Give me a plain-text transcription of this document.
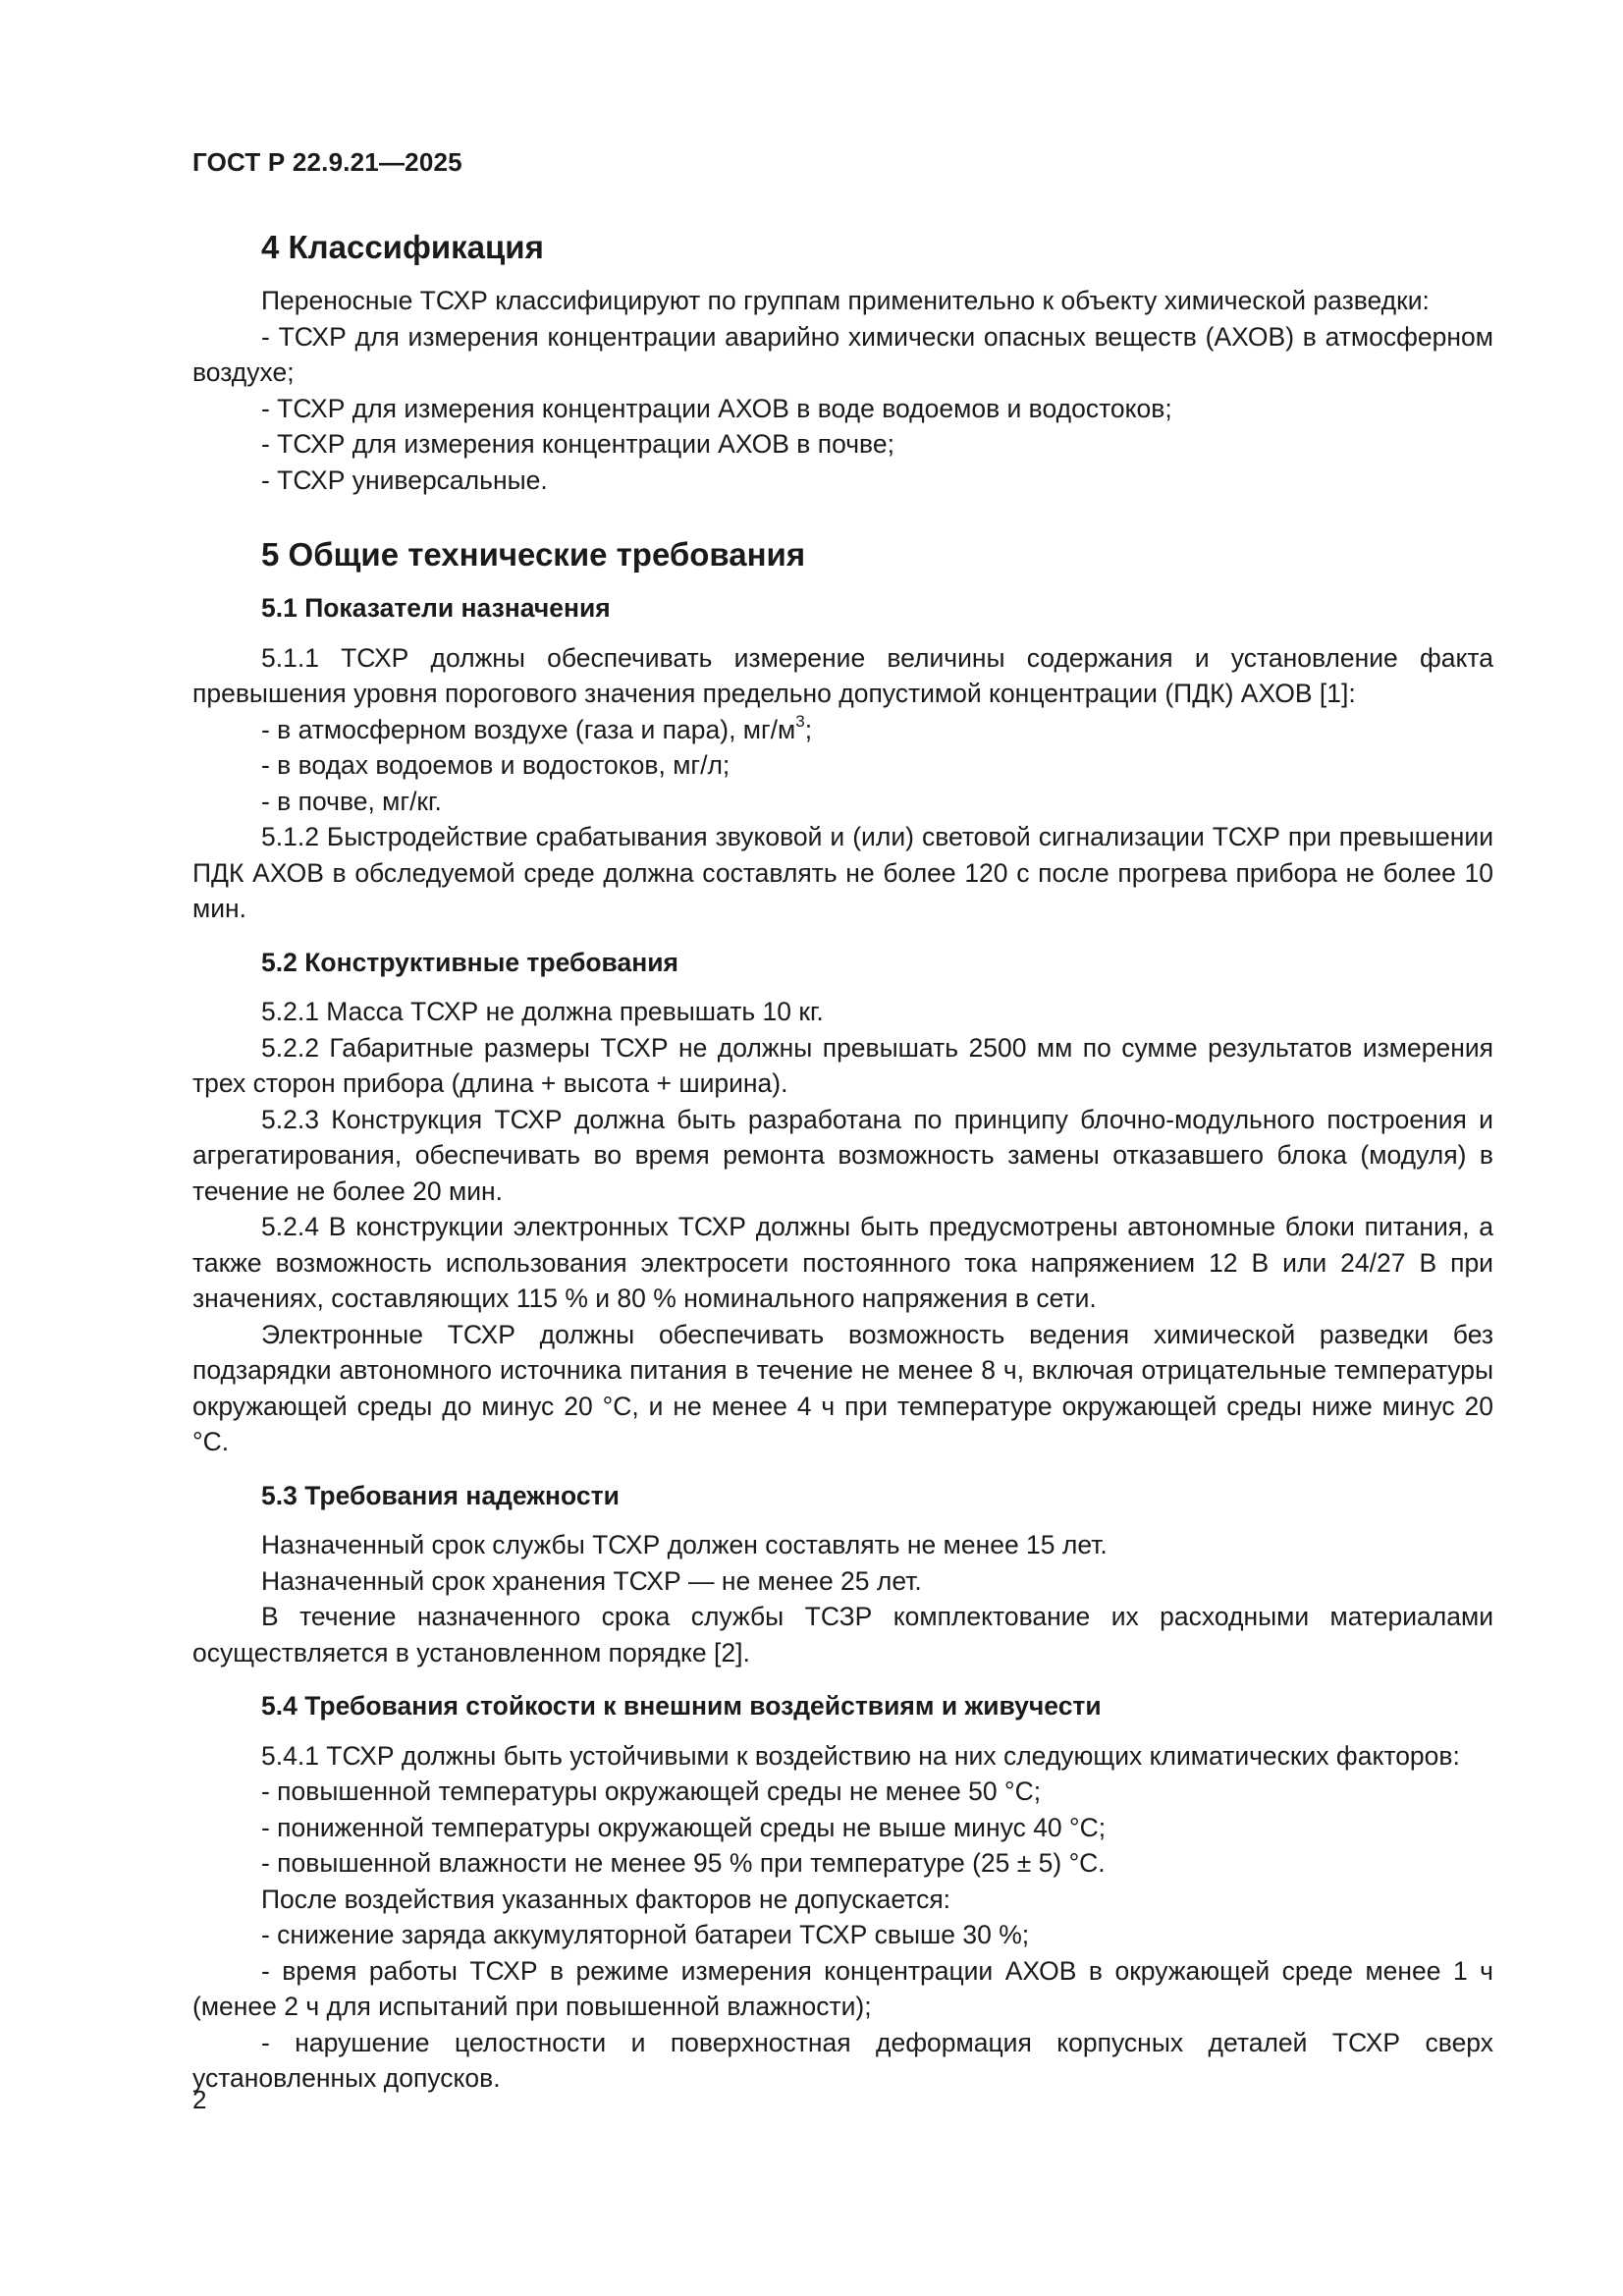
ГОСТ Р 22.9.21—2025
4 Классификация

Переносные ТСХР классифицируют по группам применительно к объекту химической разведки:

- ТСХР для измерения концентрации аварийно химически опасных веществ (АХОВ) в атмосферном воздухе;

- ТСХР для измерения концентрации АХОВ в воде водоемов и водостоков;

- ТСХР для измерения концентрации АХОВ в почве;

- ТСХР универсальные.

5 Общие технические требования
5.1 Показатели назначения

5.1.1 ТСХР должны обеспечивать измерение величины содержания и установление факта превышения уровня порогового значения предельно допустимой концентрации (ПДК) АХОВ [1]:

- в атмосферном воздухе (газа и пара), $мг/м^3$;

- в водах водоемов и водостоков, мг/л;

- в почве, мг/кг.

5.1.2 Быстродействие срабатывания звуковой и (или) световой сигнализации ТСХР при превышении ПДК АХОВ в обследуемой среде должна составлять не более 120 с после прогрева прибора не более 10 мин.

5.2 Конструктивные требования

5.2.1 Масса ТСХР не должна превышать 10 кг.

5.2.2 Габаритные размеры ТСХР не должны превышать 2500 мм по сумме результатов измерения трех сторон прибора (длина + высота + ширина).

5.2.3 Конструкция ТСХР должна быть разработана по принципу блочно-модульного построения и агрегатирования, обеспечивать во время ремонта возможность замены отказавшего блока (модуля) в течение не более 20 мин.

5.2.4 В конструкции электронных ТСХР должны быть предусмотрены автономные блоки питания, а также возможность использования электросети постоянного тока напряжением 12 В или 24/27 В при значениях, составляющих 115 % и 80 % номинального напряжения в сети.

Электронные ТСХР должны обеспечивать возможность ведения химической разведки без подзарядки автономного источника питания в течение не менее 8 ч, включая отрицательные температуры окружающей среды до минус 20 °С, и не менее 4 ч при температуре окружающей среды ниже минус 20 °С.

5.3 Требования надежности

Назначенный срок службы ТСХР должен составлять не менее 15 лет.

Назначенный срок хранения ТСХР — не менее 25 лет.

В течение назначенного срока службы ТСЗР комплектование их расходными материалами осуществляется в установленном порядке [2].

5.4 Требования стойкости к внешним воздействиям и живучести

5.4.1 ТСХР должны быть устойчивыми к воздействию на них следующих климатических факторов:

- повышенной температуры окружающей среды не менее 50 °С;

- пониженной температуры окружающей среды не выше минус 40 °С;

- повышенной влажности не менее 95 % при температуре (25 ± 5) °С.

После воздействия указанных факторов не допускается:

- снижение заряда аккумуляторной батареи ТСХР свыше 30 %;

- время работы ТСХР в режиме измерения концентрации АХОВ в окружающей среде менее 1 ч (менее 2 ч для испытаний при повышенной влажности);

- нарушение целостности и поверхностная деформация корпусных деталей ТСХР сверх установленных допусков.

2
